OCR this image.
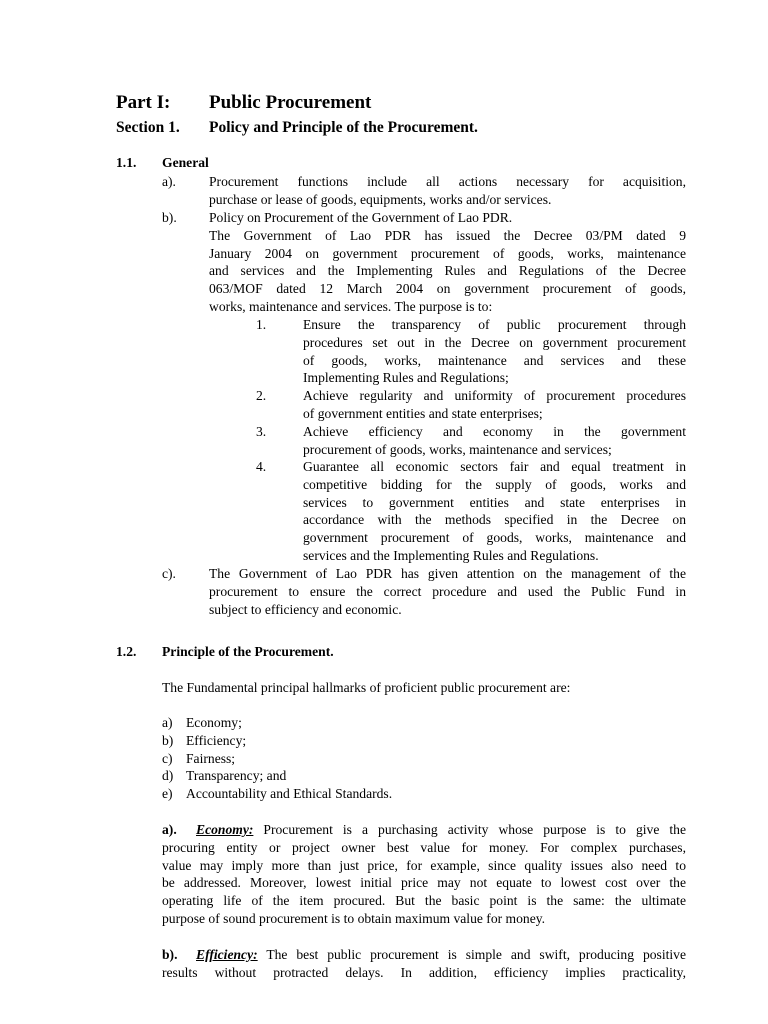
Part I: Public Procurement
Section 1. Policy and Principle of the Procurement.
1.1. General
a). Procurement functions include all actions necessary for acquisition,
purchase or lease of goods, equipments, works and/or services.
b). Policy on Procurement of the Government of Lao PDR.
The Government of Lao PDR has issued the Decree 03/PM dated 9
January 2004 on government procurement of goods, works, maintenance
and services and the Implementing Rules and Regulations of the Decree
063/MOF dated 12 March 2004 on government procurement of goods,
works, maintenance and services. The purpose is to:
1.	Ensure the transparency of public procurement through
procedures set out in the Decree on government procurement
of goods, works, maintenance and services and these
Implementing Rules and Regulations;
2.	Achieve regularity and uniformity of procurement procedures
of government entities and state enterprises;
3.	Achieve efficiency and economy in the government
procurement of goods, works, maintenance and services;
4.	Guarantee all economic sectors fair and equal treatment in
competitive bidding for the supply of goods, works and
services to government entities and state enterprises in
accordance with the methods specified in the Decree on
government procurement of goods, works, maintenance and
services and the Implementing Rules and Regulations.
c). The Government of Lao PDR has given attention on the management of the
procurement to ensure the correct procedure and used the Public Fund in
subject to efficiency and economic.
1.2. Principle of the Procurement.
The Fundamental principal hallmarks of proficient public procurement are:
a) Economy;
b) Efficiency;
c) Fairness;
d) Transparency; and
e) Accountability and Ethical Standards.
a). Economy: Procurement is a purchasing activity whose purpose is to give the
procuring entity or project owner best value for money. For complex purchases,
value may imply more than just price, for example, since quality issues also need to
be addressed. Moreover, lowest initial price may not equate to lowest cost over the
operating life of the item procured. But the basic point is the same: the ultimate
purpose of sound procurement is to obtain maximum value for money.
b). Efficiency: The best public procurement is simple and swift, producing positive
results without protracted delays. In addition, efficiency implies practicality,
